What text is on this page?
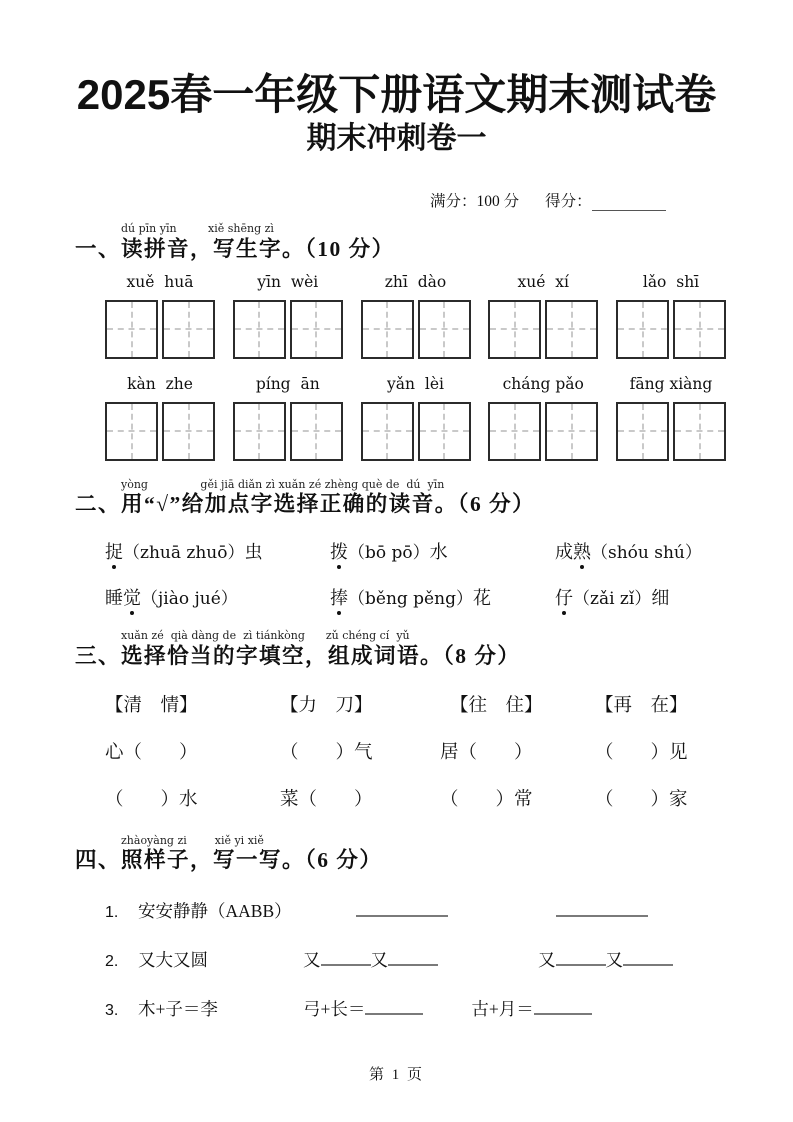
2025春一年级下册语文期末测试卷
期末冲刺卷一
满分：100 分 得分：
dú pīn yīn         xiě shēng zì
一、读拼音，写生字。（10 分）
xuě  huā	yīn  wèi	zhī  dào	xué  xí	lǎo  shī
kàn  zhe	píng  ān	yǎn  lèi	cháng pǎo	fāng xiàng
yòng               gěi jiā diǎn zì xuǎn zé zhèng què de  dú  yīn
二、用“√”给加点字选择正确的读音。（6 分）
捉 （zhuā zhuō） 虫	拨 （bō pō） 水	成 熟 （shóu shú）
睡 觉 （jiào jué）	捧 （běng pěng） 花	仔 （zǎi zǐ） 细
xuǎn zé  qià dàng de  zì tiánkòng      zǔ chéng cí  yǔ
三、选择恰当的字填空，组成词语。（8 分）
【清　情】	【力　刀】	【往　住】	【再　在】
心（　　）	（　　）气	居（　　）	（　　）见
（　　）水	菜（　　）	（　　）常	（　　）家
zhàoyàng zi        xiě yi xiě
四、照样子，写一写。（6 分）
1.	安安静静（AABB）
2.	又大又圆	又	又	又	又
3.	木+子＝李	弓+长＝	古+月＝
第 1 页
